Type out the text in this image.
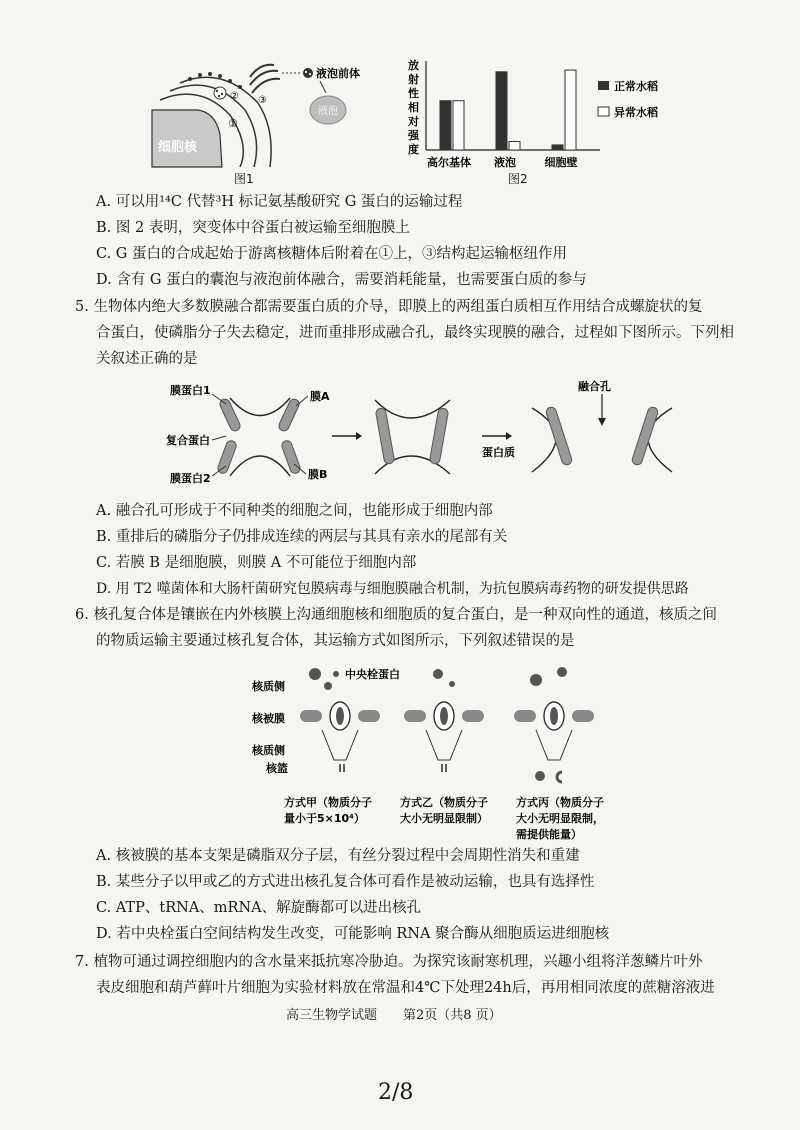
细胞核
①
② ③
液泡前体
液泡
图1
放
射
性
相
对
强
度
高尔基体 液泡	细胞壁
正常水稻
异常水稻
图2
A. 可以用¹⁴C 代替³H 标记氨基酸研究 G 蛋白的运输过程
B. 图 2 表明，突变体中谷蛋白被运输至细胞膜上
C. G 蛋白的合成起始于游离核糖体后附着在①上，③结构起运输枢纽作用
D. 含有 G 蛋白的囊泡与液泡前体融合，需要消耗能量，也需要蛋白质的参与
5. 生物体内绝大多数膜融合都需要蛋白质的介导，即膜上的两组蛋白质相互作用结合成螺旋状的复
合蛋白，使磷脂分子失去稳定，进而重排形成融合孔，最终实现膜的融合，过程如下图所示。下列相
关叙述正确的是
膜蛋白1	膜A
复合蛋白
膜蛋白2	膜B
蛋白质
融合孔
A. 融合孔可形成于不同种类的细胞之间，也能形成于细胞内部
B. 重排后的磷脂分子仍排成连续的两层与其具有亲水的尾部有关
C. 若膜 B 是细胞膜，则膜 A 不可能位于细胞内部
D. 用 T2 噬菌体和大肠杆菌研究包膜病毒与细胞膜融合机制，为抗包膜病毒药物的研发提供思路
6. 核孔复合体是镶嵌在内外核膜上沟通细胞核和细胞质的复合蛋白，是一种双向性的通道，核质之间
的物质运输主要通过核孔复合体，其运输方式如图所示，下列叙述错误的是
核质侧
核被膜
核质侧
核篮
中央栓蛋白
方式甲（物质分子
量小于5×10⁴）
方式乙（物质分子
大小无明显限制）
方式丙（物质分子
大小无明显限制，
需提供能量）
A. 核被膜的基本支架是磷脂双分子层，有丝分裂过程中会周期性消失和重建
B. 某些分子以甲或乙的方式进出核孔复合体可看作是被动运输，也具有选择性
C. ATP、tRNA、mRNA、解旋酶都可以进出核孔
D. 若中央栓蛋白空间结构发生改变，可能影响 RNA 聚合酶从细胞质运进细胞核
7. 植物可通过调控细胞内的含水量来抵抗寒冷胁迫。为探究该耐寒机理，兴趣小组将洋葱鳞片叶外
表皮细胞和葫芦藓叶片细胞为实验材料放在常温和4℃下处理24h后，再用相同浓度的蔗糖溶液进
高三生物学试题　　第2页（共8 页）
2/8
